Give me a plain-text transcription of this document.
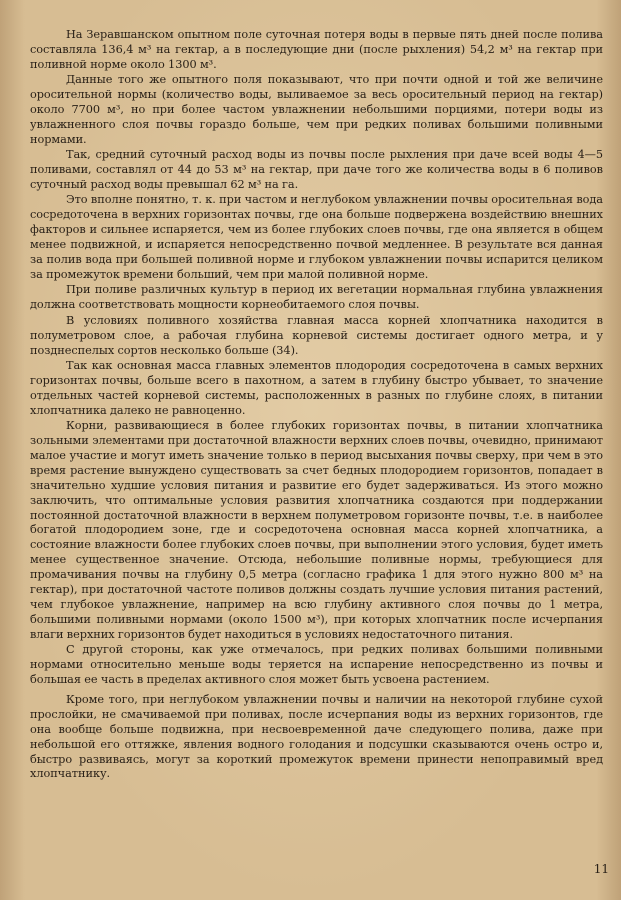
На Зеравшанском опытном поле суточная потеря воды в первые пять дней после полива составляла 136,4 м³ на гектар, а в последующие дни (после рыхления) 54,2 м³ на гектар при поливной норме около 1300 м³.

Данные того же опытного поля показывают, что при почти одной и той же величине оросительной нормы (количество воды, выливаемое за весь оросительный период на гектар) около 7700 м³, но при более частом увлажнении небольшими порциями, потери воды из увлажненного слоя почвы гораздо больше, чем при редких поливах большими поливными нормами.

Так, средний суточный расход воды из почвы после рыхления при даче всей воды 4—5 поливами, составлял от 44 до 53 м³ на гектар, при даче того же количества воды в 6 поливов суточный расход воды превышал 62 м³ на га.

Это вполне понятно, т. к. при частом и неглубоком увлажнении почвы оросительная вода сосредоточена в верхних горизонтах почвы, где она больше подвержена воздействию внешних факторов и сильнее испаряется, чем из более глубоких слоев почвы, где она является в общем менее подвижной, и испаряется непосредственно почвой медленнее. В результате вся данная за полив вода при большей поливной норме и глубоком увлажнении почвы испарится целиком за промежуток времени больший, чем при малой поливной норме.

При поливе различных культур в период их вегетации нормальная глубина увлажнения должна соответствовать мощности корнеобитаемого слоя почвы.

В условиях поливного хозяйства главная масса корней хлопчатника находится в полуметровом слое, а рабочая глубина корневой системы достигает одного метра, и у позднеспелых сортов несколько больше (34).

Так как основная масса главных элементов плодородия сосредоточена в самых верхних горизонтах почвы, больше всего в пахотном, а затем в глубину быстро убывает, то значение отдельных частей корневой системы, расположенных в разных по глубине слоях, в питании хлопчатника далеко не равноценно.

Корни, развивающиеся в более глубоких горизонтах почвы, в питании хлопчатника зольными элементами при достаточной влажности верхних слоев почвы, очевидно, принимают малое участие и могут иметь значение только в период высыхания почвы сверху, при чем в это время растение вынуждено существовать за счет бедных плодородием горизонтов, попадает в значительно худшие условия питания и развитие его будет задерживаться. Из этого можно заключить, что оптимальные условия развития хлопчатника создаются при поддержании постоянной достаточной влажности в верхнем полуметровом горизонте почвы, т.е. в наиболее богатой плодородием зоне, где и сосредоточена основная масса корней хлопчатника, а состояние влажности более глубоких слоев почвы, при выполнении этого условия, будет иметь менее существенное значение. Отсюда, небольшие поливные нормы, требующиеся для промачивания почвы на глубину 0,5 метра (согласно графика 1 для этого нужно 800 м³ на гектар), при достаточной частоте поливов должны создать лучшие условия питания растений, чем глубокое увлажнение, например на всю глубину активного слоя почвы до 1 метра, большими поливными нормами (около 1500 м³), при которых хлопчатник после исчерпания влаги верхних горизонтов будет находиться в условиях недостаточного питания.

С другой стороны, как уже отмечалось, при редких поливах большими поливными нормами относительно меньше воды теряется на испарение непосредственно из почвы и большая ее часть в пределах активного слоя может быть усвоена растением.

Кроме того, при неглубоком увлажнении почвы и наличии на некоторой глубине сухой прослойки, не смачиваемой при поливах, после исчерпания воды из верхних горизонтов, где она вообще больше подвижна, при несвоевременной даче следующего полива, даже при небольшой его оттяжке, явления водного голодания и подсушки сказываются очень остро и, быстро развиваясь, могут за короткий промежуток времени принести непоправимый вред хлопчатнику.

11
